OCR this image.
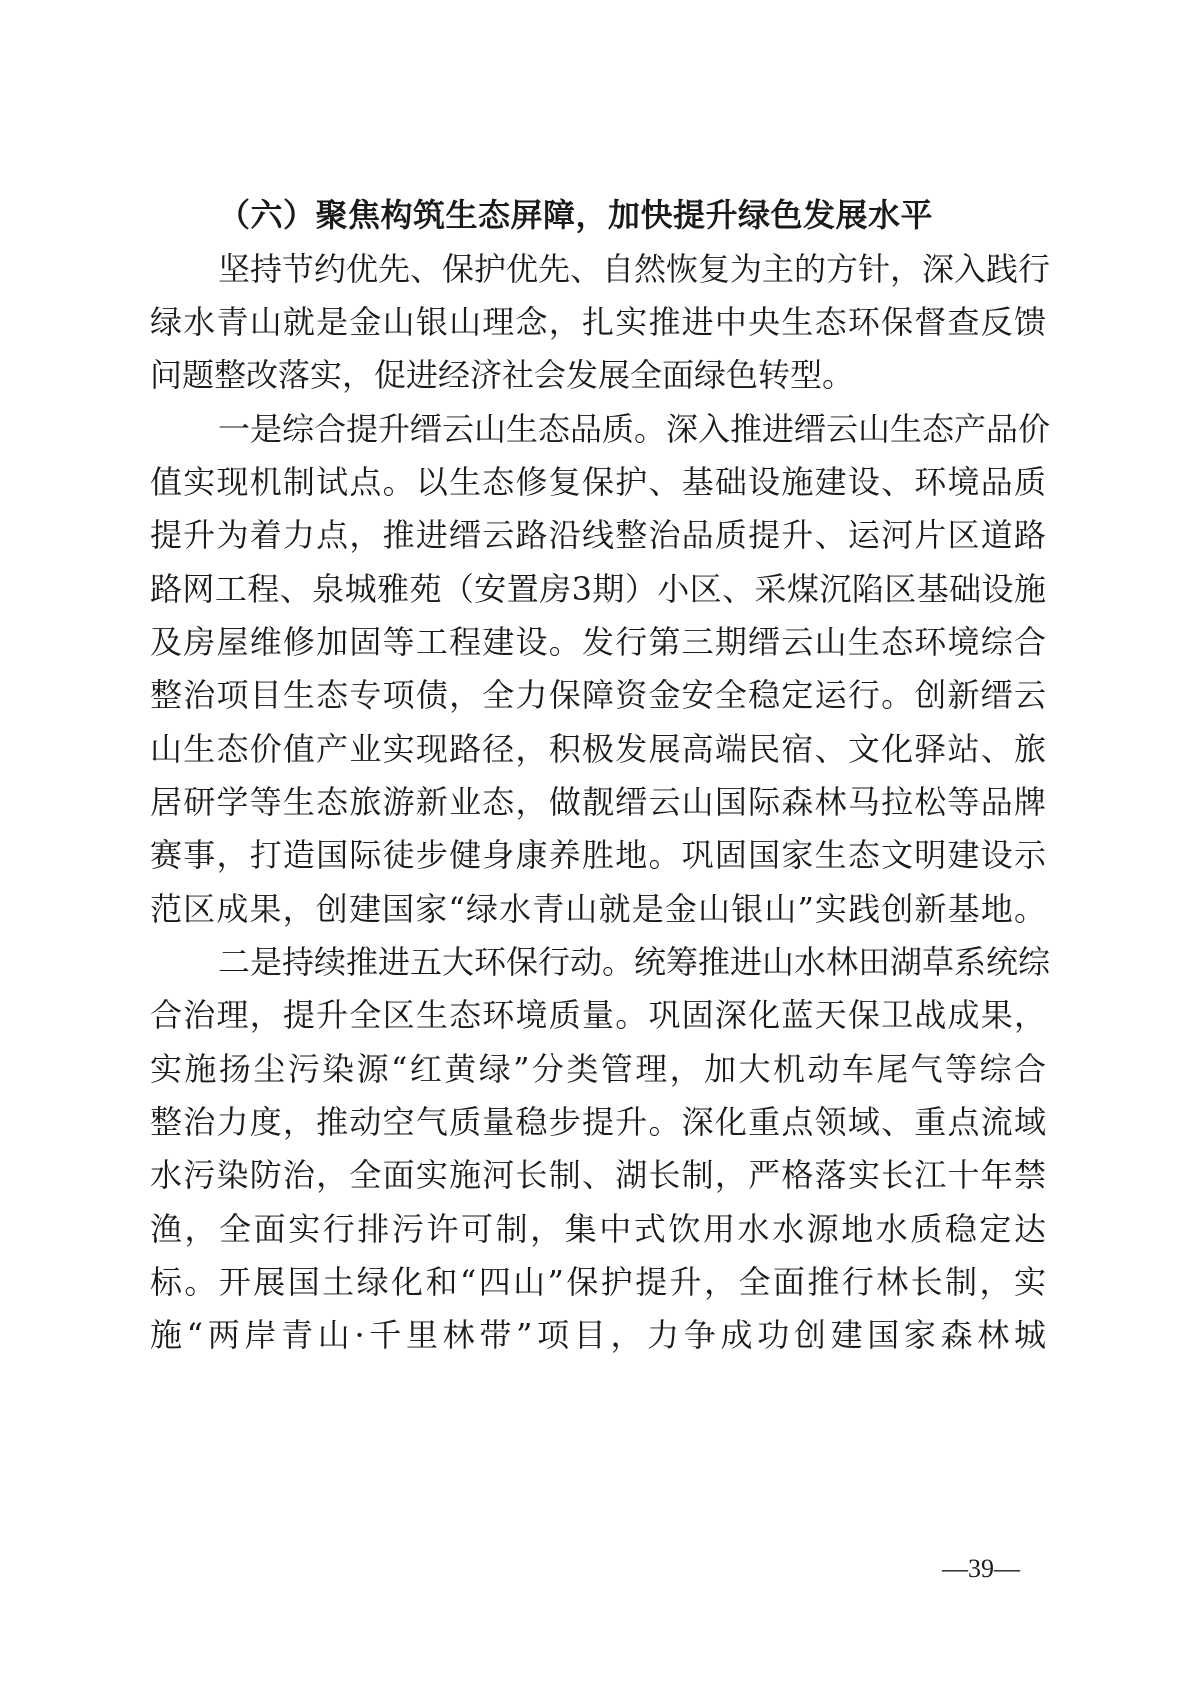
（六）聚焦构筑生态屏障，加快提升绿色发展水平
坚持节约优先、保护优先、自然恢复为主的方针，深入践行
绿水青山就是金山银山理念，扎实推进中央生态环保督查反馈
问题整改落实，促进经济社会发展全面绿色转型。
一是综合提升缙云山生态品质。深入推进缙云山生态产品价
值实现机制试点。以生态修复保护、基础设施建设、环境品质
提升为着力点，推进缙云路沿线整治品质提升、运河片区道路
路网工程、泉城雅苑（安置房3期）小区、采煤沉陷区基础设施
及房屋维修加固等工程建设。发行第三期缙云山生态环境综合
整治项目生态专项债，全力保障资金安全稳定运行。创新缙云
山生态价值产业实现路径，积极发展高端民宿、文化驿站、旅
居研学等生态旅游新业态，做靓缙云山国际森林马拉松等品牌
赛事，打造国际徒步健身康养胜地。巩固国家生态文明建设示
范区成果，创建国家“绿水青山就是金山银山”实践创新基地。
二是持续推进五大环保行动。统筹推进山水林田湖草系统综
合治理，提升全区生态环境质量。巩固深化蓝天保卫战成果，
实施扬尘污染源“红黄绿”分类管理，加大机动车尾气等综合
整治力度，推动空气质量稳步提升。深化重点领域、重点流域
水污染防治，全面实施河长制、湖长制，严格落实长江十年禁
渔，全面实行排污许可制，集中式饮用水水源地水质稳定达
标。开展国土绿化和“四山”保护提升，全面推行林长制，实
施“两岸青山·千里林带”项目，力争成功创建国家森林城
—39—
